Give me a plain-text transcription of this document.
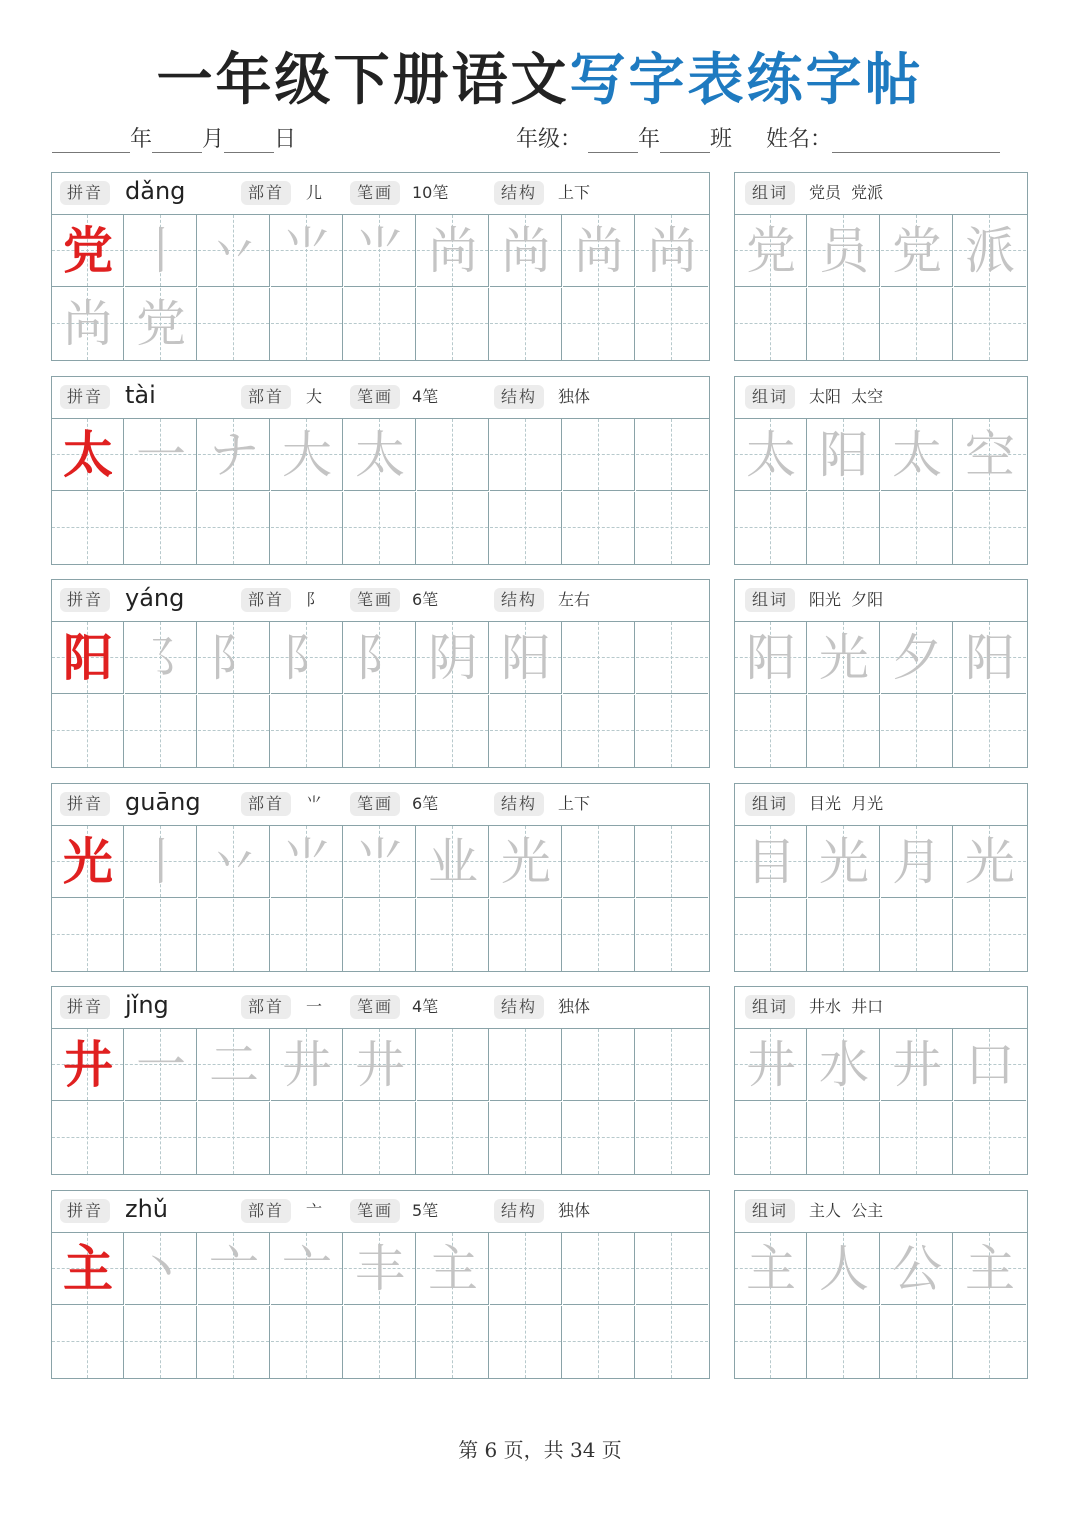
一年级下册语文写字表练字帖
年 月 日	年级：	年 班 姓名：
拼音 dǎng	部首	儿	笔画	10笔	结构	上下
党 丨 丷 ⺌ ⺌ 尚 尚 尚 尚
尚 党
组词	党员  党派
党 员 党 派
拼音 tài	部首	大	笔画	4笔	结构	独体
太 一 ナ 大 太
组词	太阳  太空
太 阳 太 空
拼音 yáng	部首	阝	笔画	6笔	结构	左右
阳 ㇌ 阝 阝 阝 阴 阳
组词	阳光  夕阳
阳 光 夕 阳
拼音 guāng	部首	⺌	笔画	6笔	结构	上下
光 丨 丷 ⺌ ⺌ 业 光
组词	目光  月光
目 光 月 光
拼音 jǐng	部首	一	笔画	4笔	结构	独体
井 一 二 井 井
组词	井水  井口
井 水 井 口
拼音 zhǔ	部首	亠	笔画	5笔	结构	独体
主 丶 亠 亠 丰 主
组词	主人  公主
主 人 公 主
第 6 页，共 34 页
